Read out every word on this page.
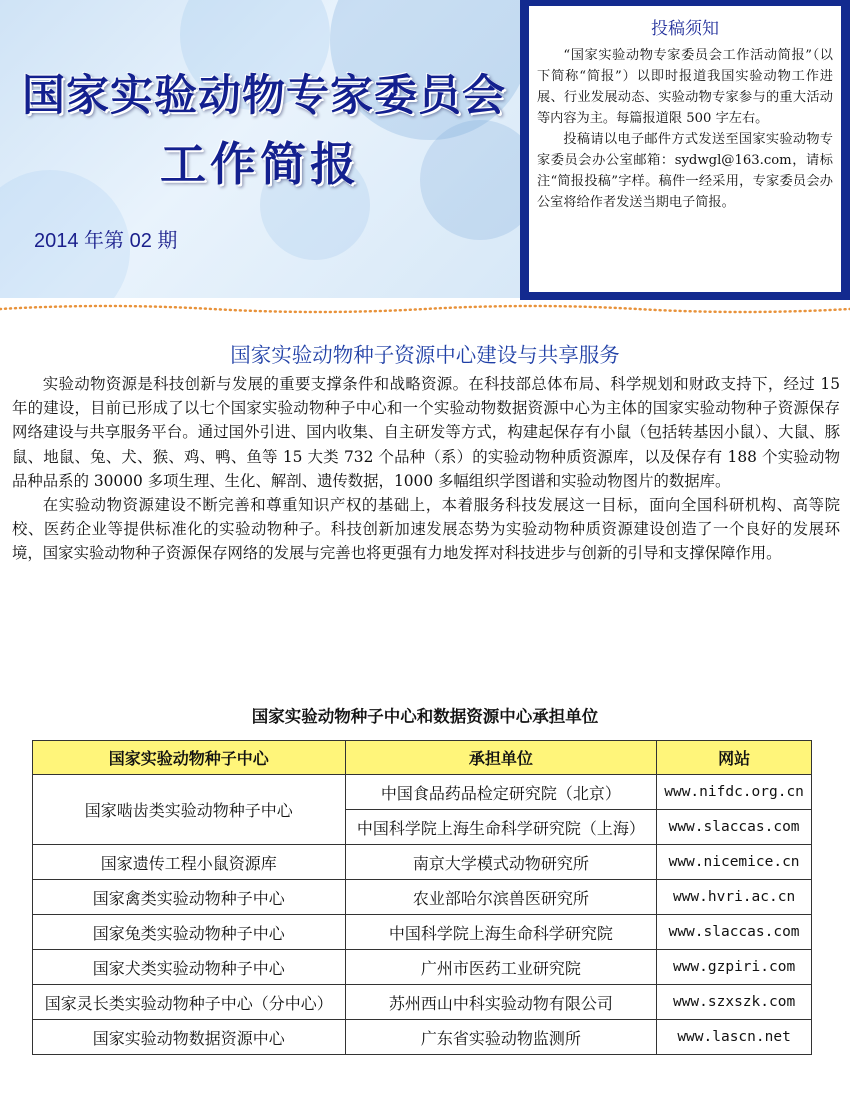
国家实验动物专家委员会
工作简报
2014 年第 02 期
投稿须知

“国家实验动物专家委员会工作活动简报”（以下简称“简报”）以即时报道我国实验动物工作进展、行业发展动态、实验动物专家参与的重大活动等内容为主。每篇报道限 500 字左右。

投稿请以电子邮件方式发送至国家实验动物专家委员会办公室邮箱：sydwgl@163.com，请标注“简报投稿”字样。稿件一经采用，专家委员会办公室将给作者发送当期电子简报。

国家实验动物种子资源中心建设与共享服务

实验动物资源是科技创新与发展的重要支撑条件和战略资源。在科技部总体布局、科学规划和财政支持下，经过 15 年的建设，目前已形成了以七个国家实验动物种子中心和一个实验动物数据资源中心为主体的国家实验动物种子资源保存网络建设与共享服务平台。通过国外引进、国内收集、自主研发等方式，构建起保存有小鼠（包括转基因小鼠）、大鼠、豚鼠、地鼠、兔、犬、猴、鸡、鸭、鱼等 15 大类 732 个品种（系）的实验动物种质资源库，以及保存有 188 个实验动物品种品系的 30000 多项生理、生化、解剖、遗传数据，1000 多幅组织学图谱和实验动物图片的数据库。

在实验动物资源建设不断完善和尊重知识产权的基础上，本着服务科技发展这一目标，面向全国科研机构、高等院校、医药企业等提供标准化的实验动物种子。科技创新加速发展态势为实验动物种质资源建设创造了一个良好的发展环境，国家实验动物种子资源保存网络的发展与完善也将更强有力地发挥对科技进步与创新的引导和支撑保障作用。

国家实验动物种子中心和数据资源中心承担单位
国家实验动物种子中心	承担单位	网站
国家啮齿类实验动物种子中心	中国食品药品检定研究院（北京）	www.nifdc.org.cn
	中国科学院上海生命科学研究院（上海）	www.slaccas.com
国家遗传工程小鼠资源库	南京大学模式动物研究所	www.nicemice.cn
国家禽类实验动物种子中心	农业部哈尔滨兽医研究所	www.hvri.ac.cn
国家兔类实验动物种子中心	中国科学院上海生命科学研究院	www.slaccas.com
国家犬类实验动物种子中心	广州市医药工业研究院	www.gzpiri.com
国家灵长类实验动物种子中心（分中心）	苏州西山中科实验动物有限公司	www.szxszk.com
国家实验动物数据资源中心	广东省实验动物监测所	www.lascn.net
